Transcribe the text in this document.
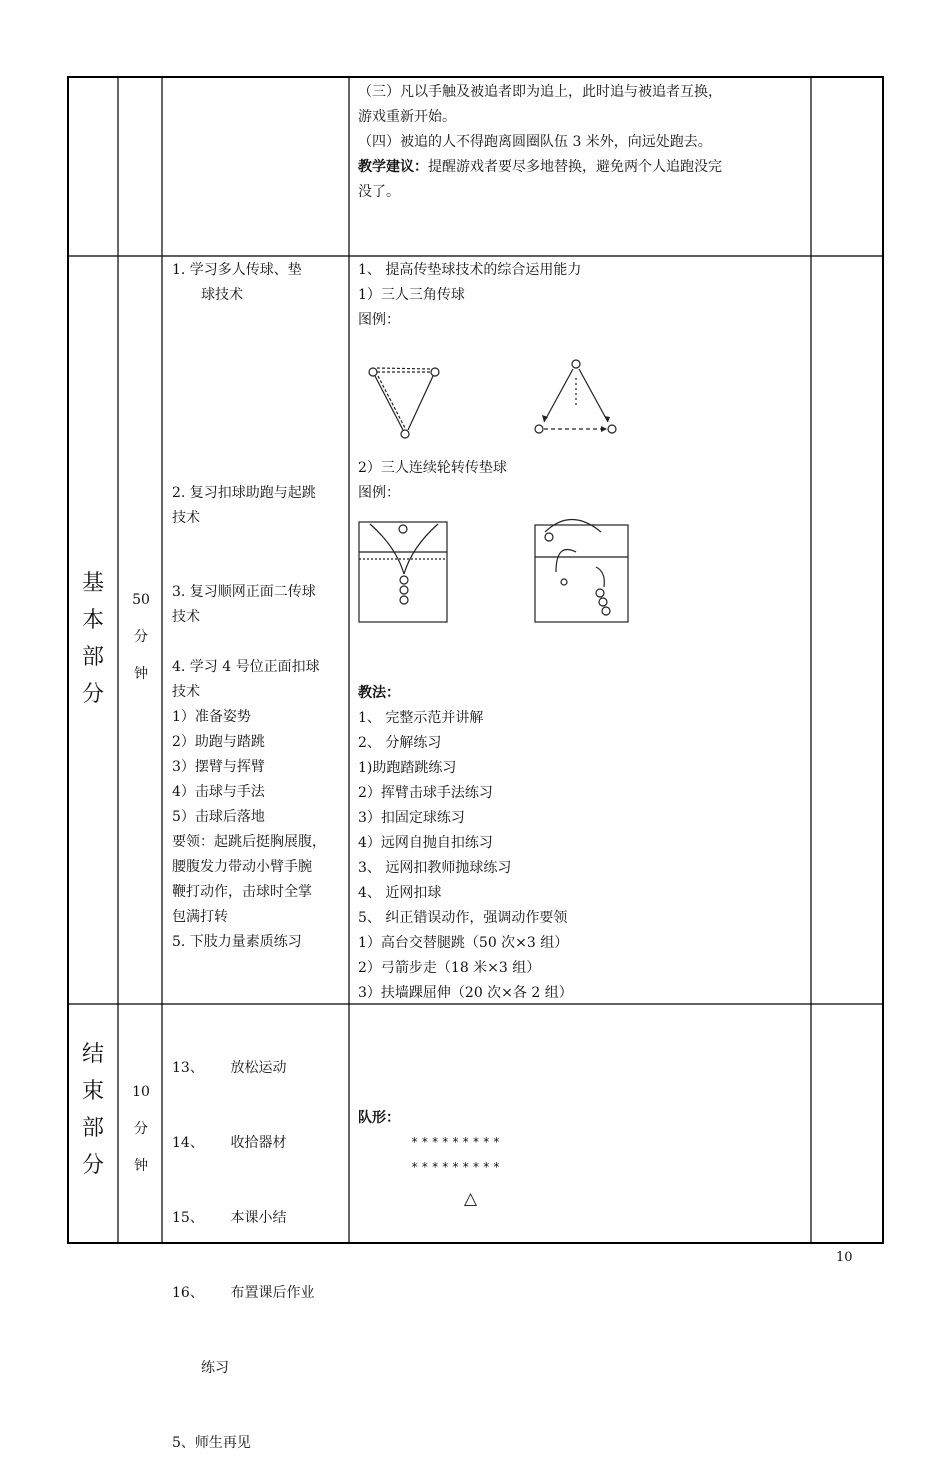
（三）凡以手触及被追者即为追上，此时追与被追者互换，
游戏重新开始。
（四）被追的人不得跑离圆圈队伍 3 米外，向远处跑去。
教学建议：提醒游戏者要尽多地替换，避免两个人追跑没完
没了。
基
本
部
分
50
分
钟
1. 学习多人传球、垫
球技术
2. 复习扣球助跑与起跳
技术
3. 复习顺网正面二传球
技术
4. 学习 4 号位正面扣球
技术
1）准备姿势
2）助跑与踏跳
3）摆臂与挥臂
4）击球与手法
5）击球后落地
要领：起跳后挺胸展腹，
腰腹发力带动小臂手腕
鞭打动作，击球时全掌
包满打转
5. 下肢力量素质练习
1、 提高传垫球技术的综合运用能力
1）三人三角传球
图例：
2）三人连续轮转传垫球
图例：
教法：
1、 完整示范并讲解
2、 分解练习
1)助跑踏跳练习
2）挥臂击球手法练习
3）扣固定球练习
4）远网自抛自扣练习
3、 远网扣教师抛球练习
4、 近网扣球
5、 纠正错误动作，强调动作要领
1）高台交替腿跳（50 次×3 组）
2）弓箭步走（18 米×3 组）
3）扶墙踝屈伸（20 次×各 2 组）
结
束
部
分
10
分
钟

13、      放松运动

14、      收拾器材

15、      本课小结

16、      布置课后作业

练习

5、师生再见

队形：
*********
*********
△
10
